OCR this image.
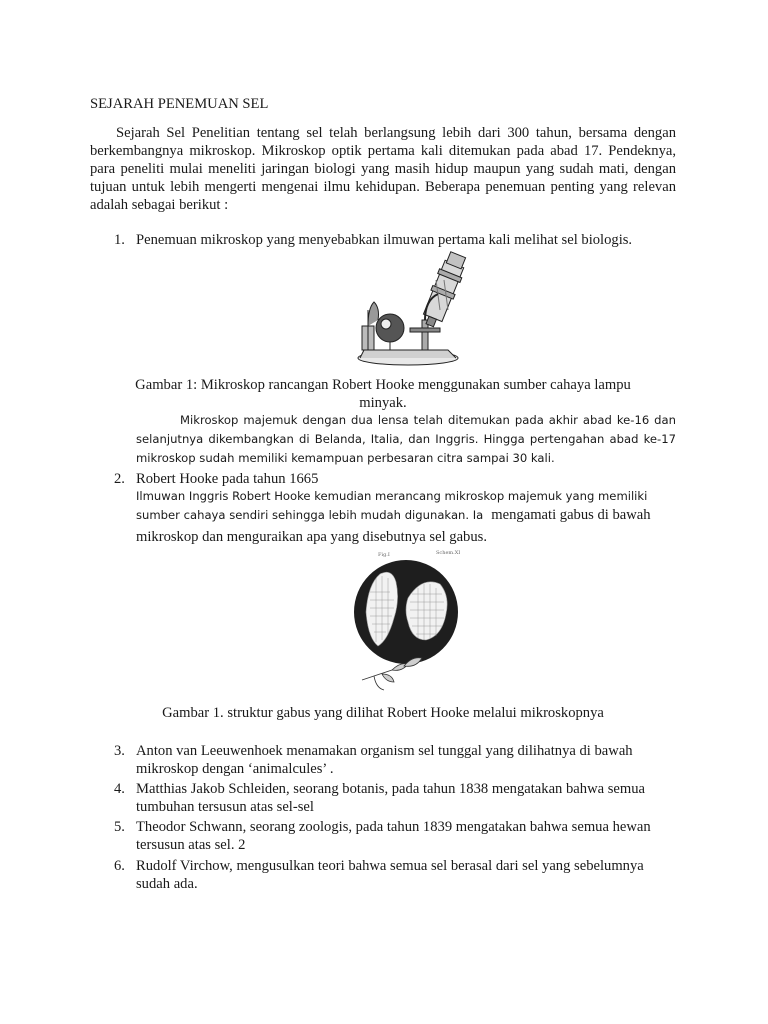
SEJARAH PENEMUAN SEL
Sejarah Sel Penelitian tentang sel telah berlangsung lebih dari 300 tahun, bersama dengan berkembangnya mikroskop. Mikroskop optik pertama kali ditemukan pada abad 17. Pendeknya, para peneliti mulai meneliti jaringan biologi yang masih hidup maupun yang sudah mati, dengan tujuan untuk lebih mengerti mengenai ilmu kehidupan. Beberapa penemuan penting yang relevan adalah sebagai berikut :
1. Penemuan mikroskop yang menyebabkan ilmuwan pertama kali melihat sel biologis.
Gambar 1: Mikroskop rancangan Robert Hooke menggunakan sumber cahaya lampu
minyak.
Mikroskop majemuk dengan dua lensa telah ditemukan pada akhir abad ke-16 dan selanjutnya dikembangkan di Belanda, Italia, dan Inggris. Hingga pertengahan abad ke-17 mikroskop sudah memiliki kemampuan perbesaran citra sampai 30 kali.
2. Robert Hooke pada tahun 1665
Ilmuwan Inggris Robert Hooke kemudian merancang mikroskop majemuk yang memiliki sumber cahaya sendiri sehingga lebih mudah digunakan. Ia mengamati gabus di bawah
mikroskop dan menguraikan apa yang disebutnya sel gabus.
Fig.I	Schem.XI
Gambar 1. struktur gabus yang dilihat Robert Hooke melalui mikroskopnya
3. Anton van Leeuwenhoek menamakan organism sel tunggal yang dilihatnya di bawah
mikroskop dengan ‘animalcules’ .
4. Matthias Jakob Schleiden, seorang botanis, pada tahun 1838 mengatakan bahwa semua
tumbuhan tersusun atas sel-sel
5. Theodor Schwann, seorang zoologis, pada tahun 1839 mengatakan bahwa semua hewan
tersusun atas sel. 2
6. Rudolf Virchow, mengusulkan teori bahwa semua sel berasal dari sel yang sebelumnya
sudah ada.
